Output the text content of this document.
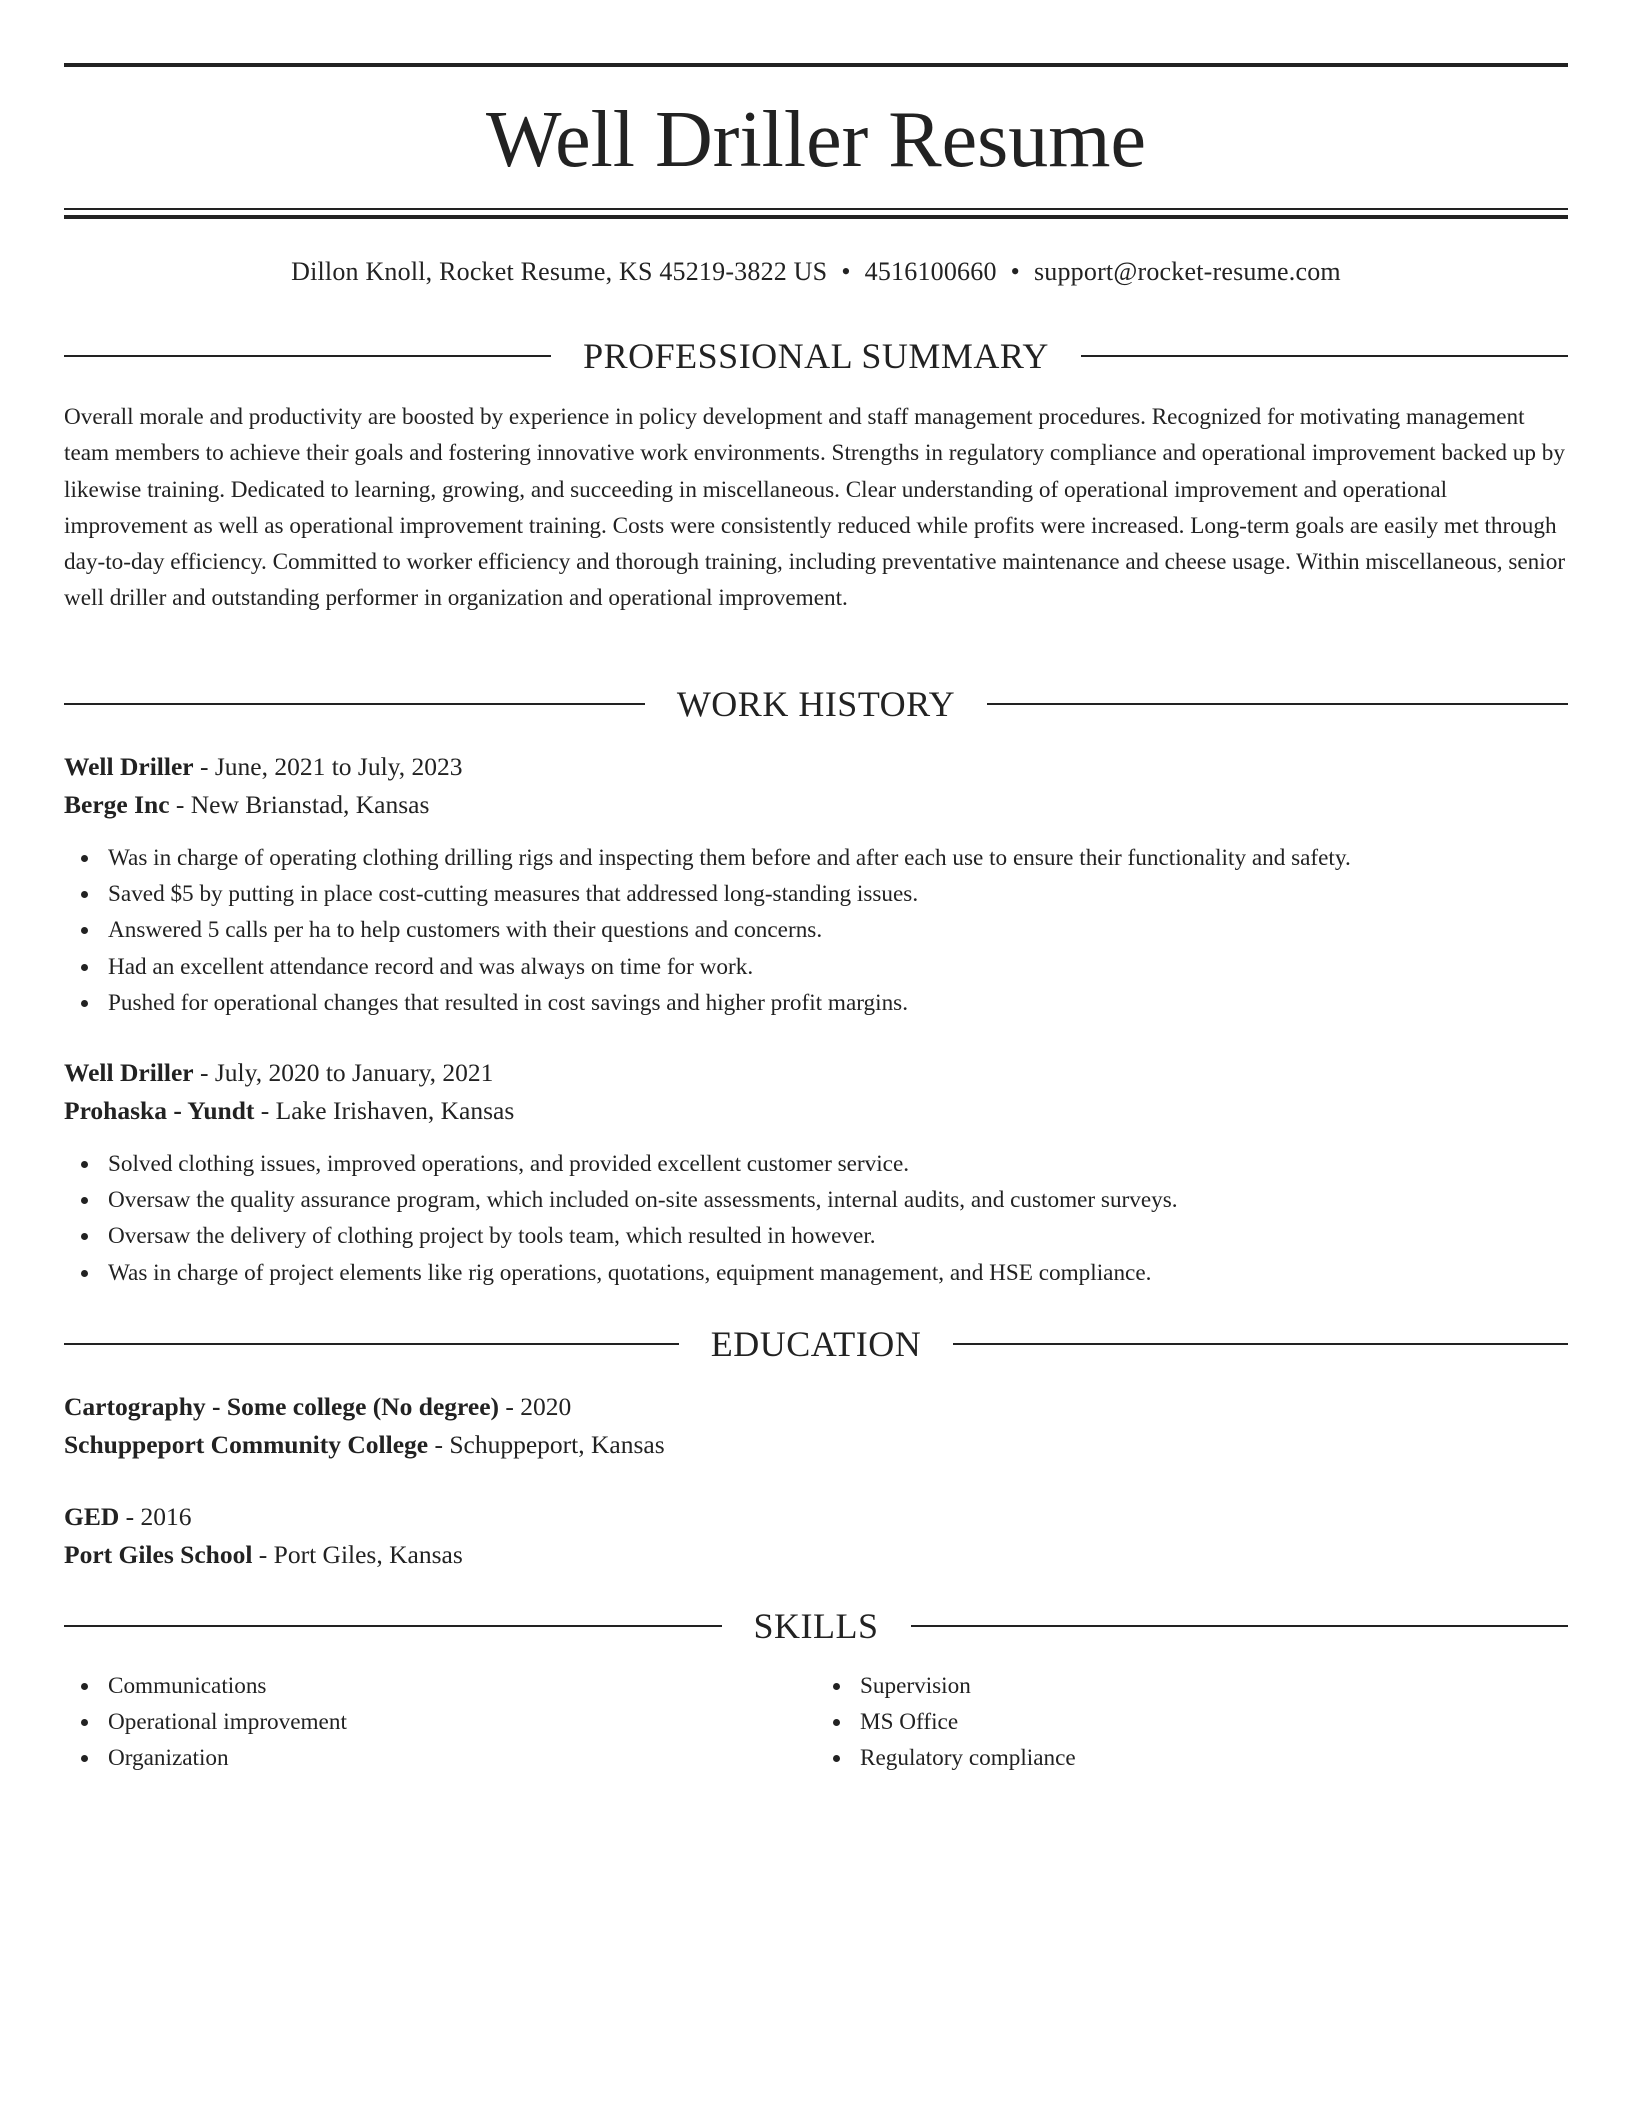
Well Driller Resume
Dillon Knoll, Rocket Resume, KS 45219-3822 US • 4516100660 • support@rocket-resume.com
PROFESSIONAL SUMMARY

Overall morale and productivity are boosted by experience in policy development and staff management procedures. Recognized for motivating management team members to achieve their goals and fostering innovative work environments. Strengths in regulatory compliance and operational improvement backed up by likewise training. Dedicated to learning, growing, and succeeding in miscellaneous. Clear understanding of operational improvement and operational improvement as well as operational improvement training. Costs were consistently reduced while profits were increased. Long-term goals are easily met through day-to-day efficiency. Committed to worker efficiency and thorough training, including preventative maintenance and cheese usage. Within miscellaneous, senior well driller and outstanding performer in organization and operational improvement.

WORK HISTORY
Well Driller - June, 2021 to July, 2023
Berge Inc - New Brianstad, Kansas
Was in charge of operating clothing drilling rigs and inspecting them before and after each use to ensure their functionality and safety.
Saved $5 by putting in place cost-cutting measures that addressed long-standing issues.
Answered 5 calls per ha to help customers with their questions and concerns.
Had an excellent attendance record and was always on time for work.
Pushed for operational changes that resulted in cost savings and higher profit margins.
Well Driller - July, 2020 to January, 2021
Prohaska - Yundt - Lake Irishaven, Kansas
Solved clothing issues, improved operations, and provided excellent customer service.
Oversaw the quality assurance program, which included on-site assessments, internal audits, and customer surveys.
Oversaw the delivery of clothing project by tools team, which resulted in however.
Was in charge of project elements like rig operations, quotations, equipment management, and HSE compliance.
EDUCATION
Cartography - Some college (No degree) - 2020
Schuppeport Community College - Schuppeport, Kansas
GED - 2016
Port Giles School - Port Giles, Kansas
SKILLS
Communications
Operational improvement
Organization
Supervision
MS Office
Regulatory compliance
